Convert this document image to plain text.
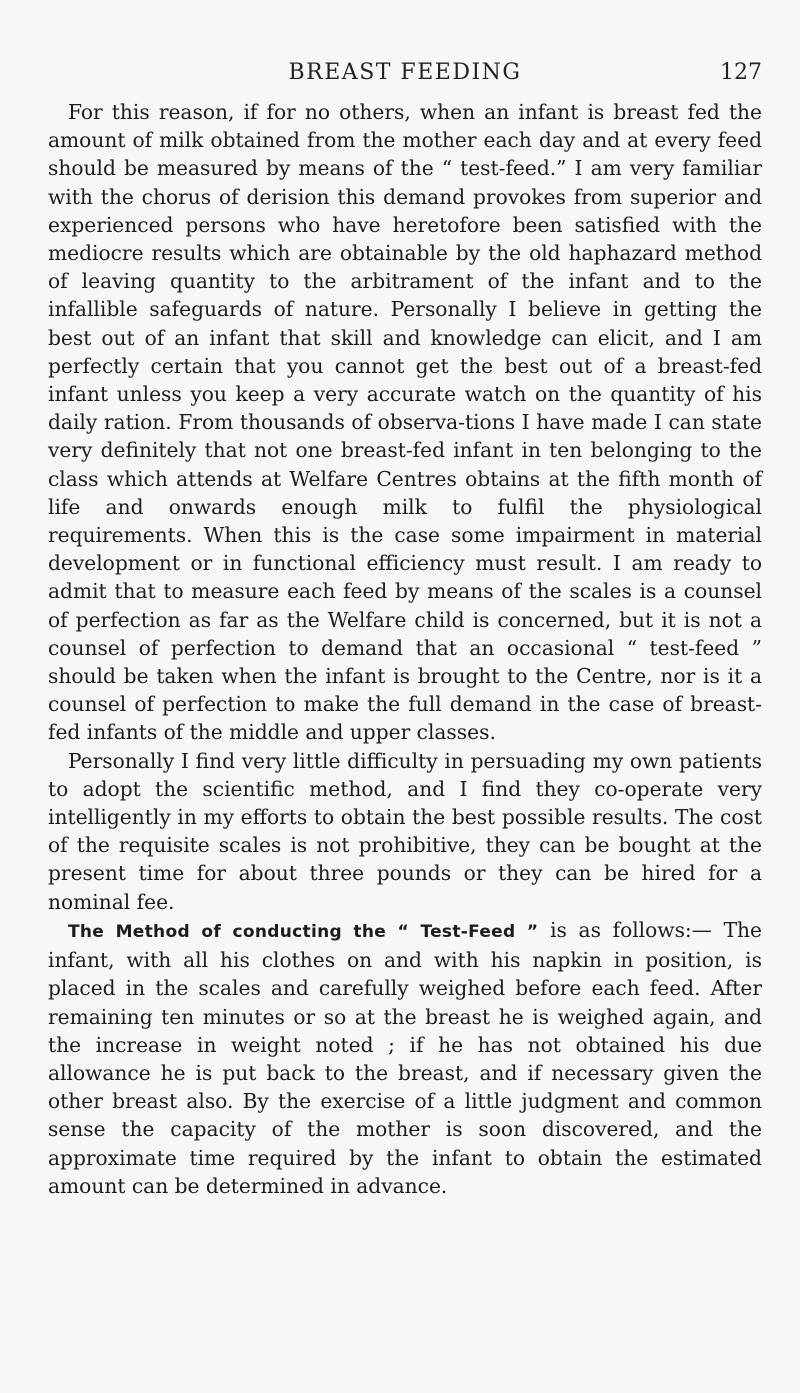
BREAST FEEDING	127

For this reason, if for no others, when an infant is breast fed the amount of milk obtained from the mother each day and at every feed should be measured by means of the “ test-feed.” I am very familiar with the chorus of derision this demand provokes from superior and experienced persons who have heretofore been satisfied with the mediocre results which are obtainable by the old haphazard method of leaving quantity to the arbitrament of the infant and to the infallible safeguards of nature. Personally I believe in getting the best out of an infant that skill and knowledge can elicit, and I am perfectly certain that you cannot get the best out of a breast-fed infant unless you keep a very accurate watch on the quantity of his daily ration. From thousands of observa-tions I have made I can state very definitely that not one breast-fed infant in ten belonging to the class which attends at Welfare Centres obtains at the fifth month of life and onwards enough milk to fulfil the physiological requirements. When this is the case some impairment in material development or in functional efficiency must result. I am ready to admit that to measure each feed by means of the scales is a counsel of perfection as far as the Welfare child is concerned, but it is not a counsel of perfection to demand that an occasional “ test-feed ” should be taken when the infant is brought to the Centre, nor is it a counsel of perfection to make the full demand in the case of breast-fed infants of the middle and upper classes.

Personally I find very little difficulty in persuading my own patients to adopt the scientific method, and I find they co-operate very intelligently in my efforts to obtain the best possible results. The cost of the requisite scales is not prohibitive, they can be bought at the present time for about three pounds or they can be hired for a nominal fee.

The Method of conducting the “ Test-Feed ” is as follows:— The infant, with all his clothes on and with his napkin in position, is placed in the scales and carefully weighed before each feed. After remaining ten minutes or so at the breast he is weighed again, and the increase in weight noted ; if he has not obtained his due allowance he is put back to the breast, and if necessary given the other breast also. By the exercise of a little judgment and common sense the capacity of the mother is soon discovered, and the approximate time required by the infant to obtain the estimated amount can be determined in advance.
